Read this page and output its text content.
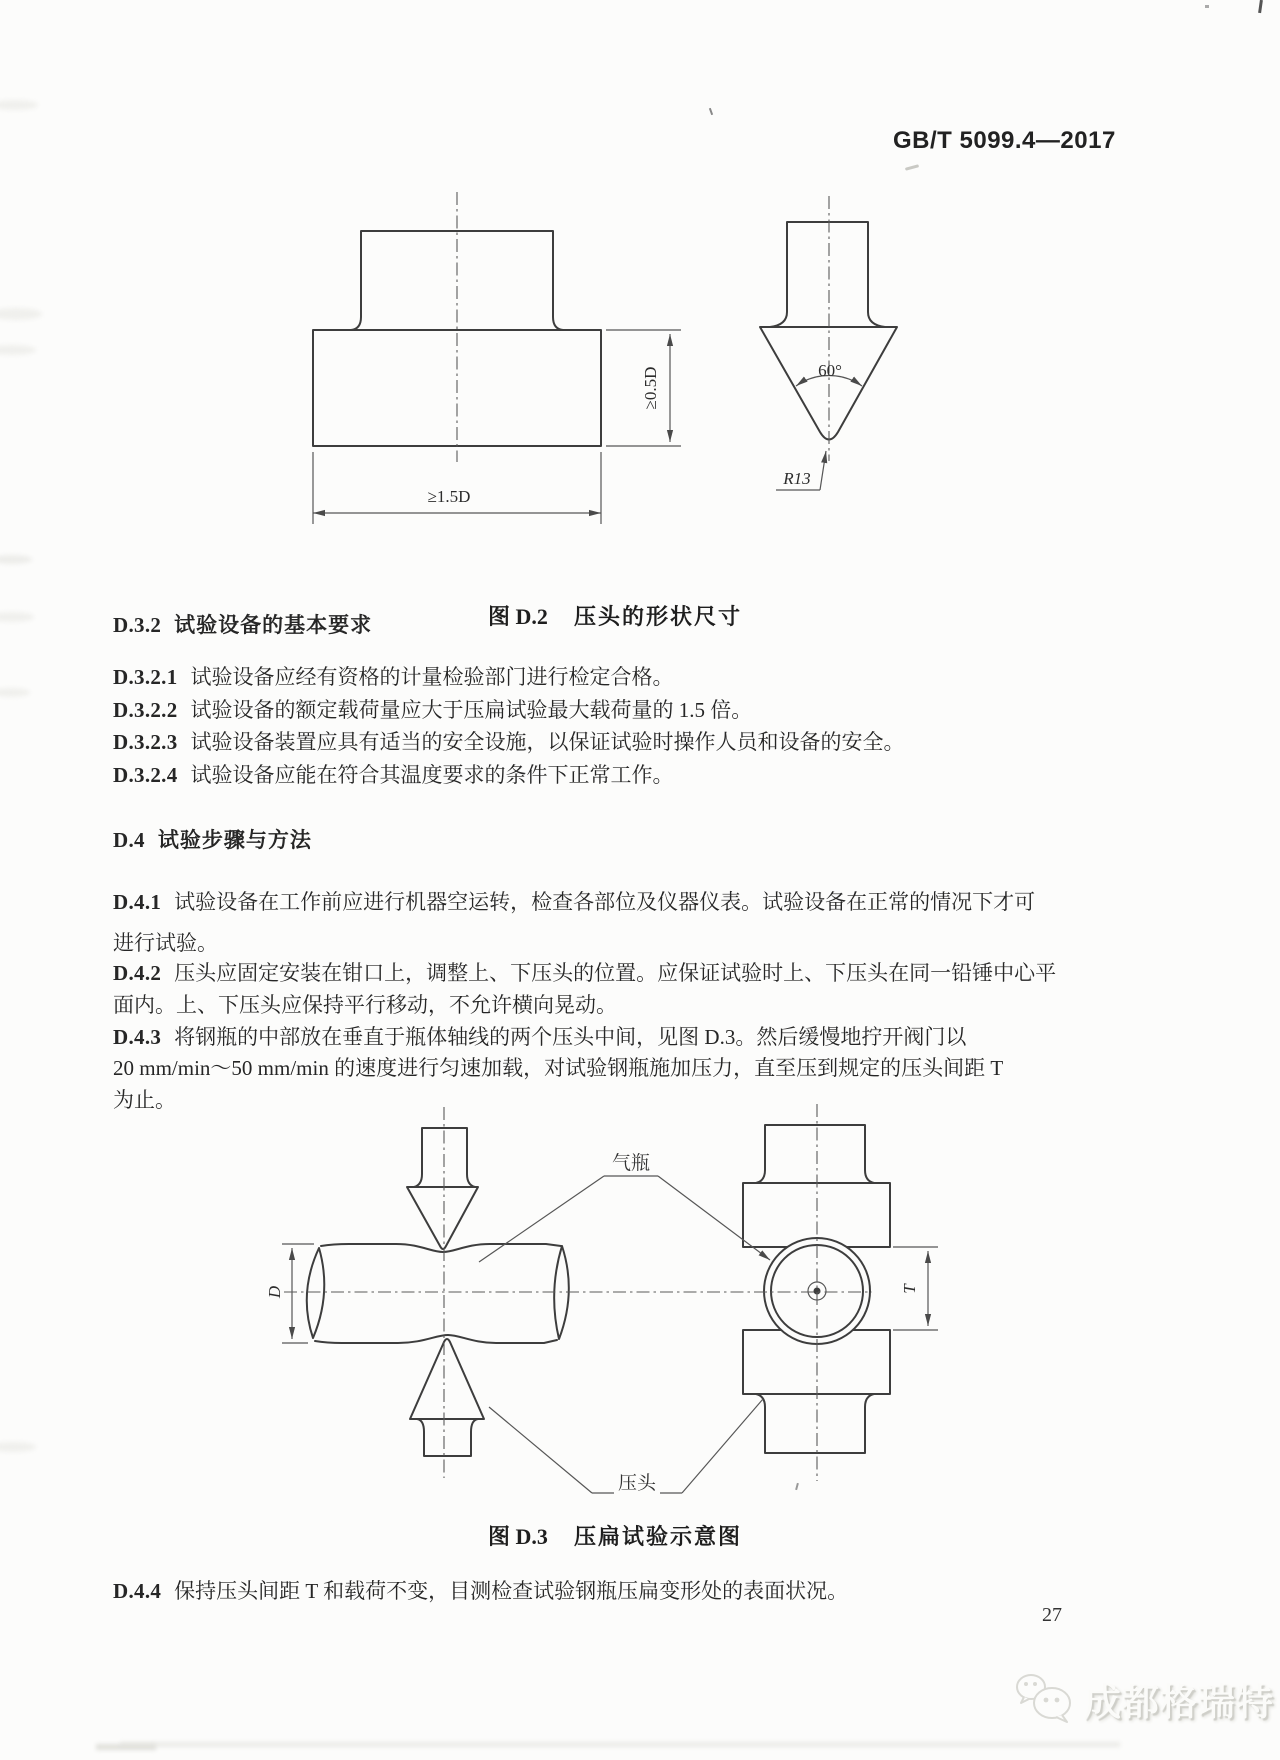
GB/T 5099.4—2017
≥0.5D
≥1.5D
60°
R13
D	T
气瓶
压头
图 D.2 压头的形状尺寸
D.3.2 试验设备的基本要求
D.3.2.1 试验设备应经有资格的计量检验部门进行检定合格。
D.3.2.2 试验设备的额定载荷量应大于压扁试验最大载荷量的 1.5 倍。
D.3.2.3 试验设备装置应具有适当的安全设施，以保证试验时操作人员和设备的安全。
D.3.2.4 试验设备应能在符合其温度要求的条件下正常工作。
D.4 试验步骤与方法
D.4.1 试验设备在工作前应进行机器空运转，检查各部位及仪器仪表。试验设备在正常的情况下才可
进行试验。
D.4.2 压头应固定安装在钳口上，调整上、下压头的位置。应保证试验时上、下压头在同一铅锤中心平
面内。上、下压头应保持平行移动，不允许横向晃动。
D.4.3 将钢瓶的中部放在垂直于瓶体轴线的两个压头中间，见图 D.3。然后缓慢地拧开阀门以
20 mm/min～50 mm/min 的速度进行匀速加载，对试验钢瓶施加压力，直至压到规定的压头间距 T
为止。
图 D.3 压扁试验示意图
D.4.4 保持压头间距 T 和载荷不变，目测检查试验钢瓶压扁变形处的表面状况。
27
成都格瑞特
